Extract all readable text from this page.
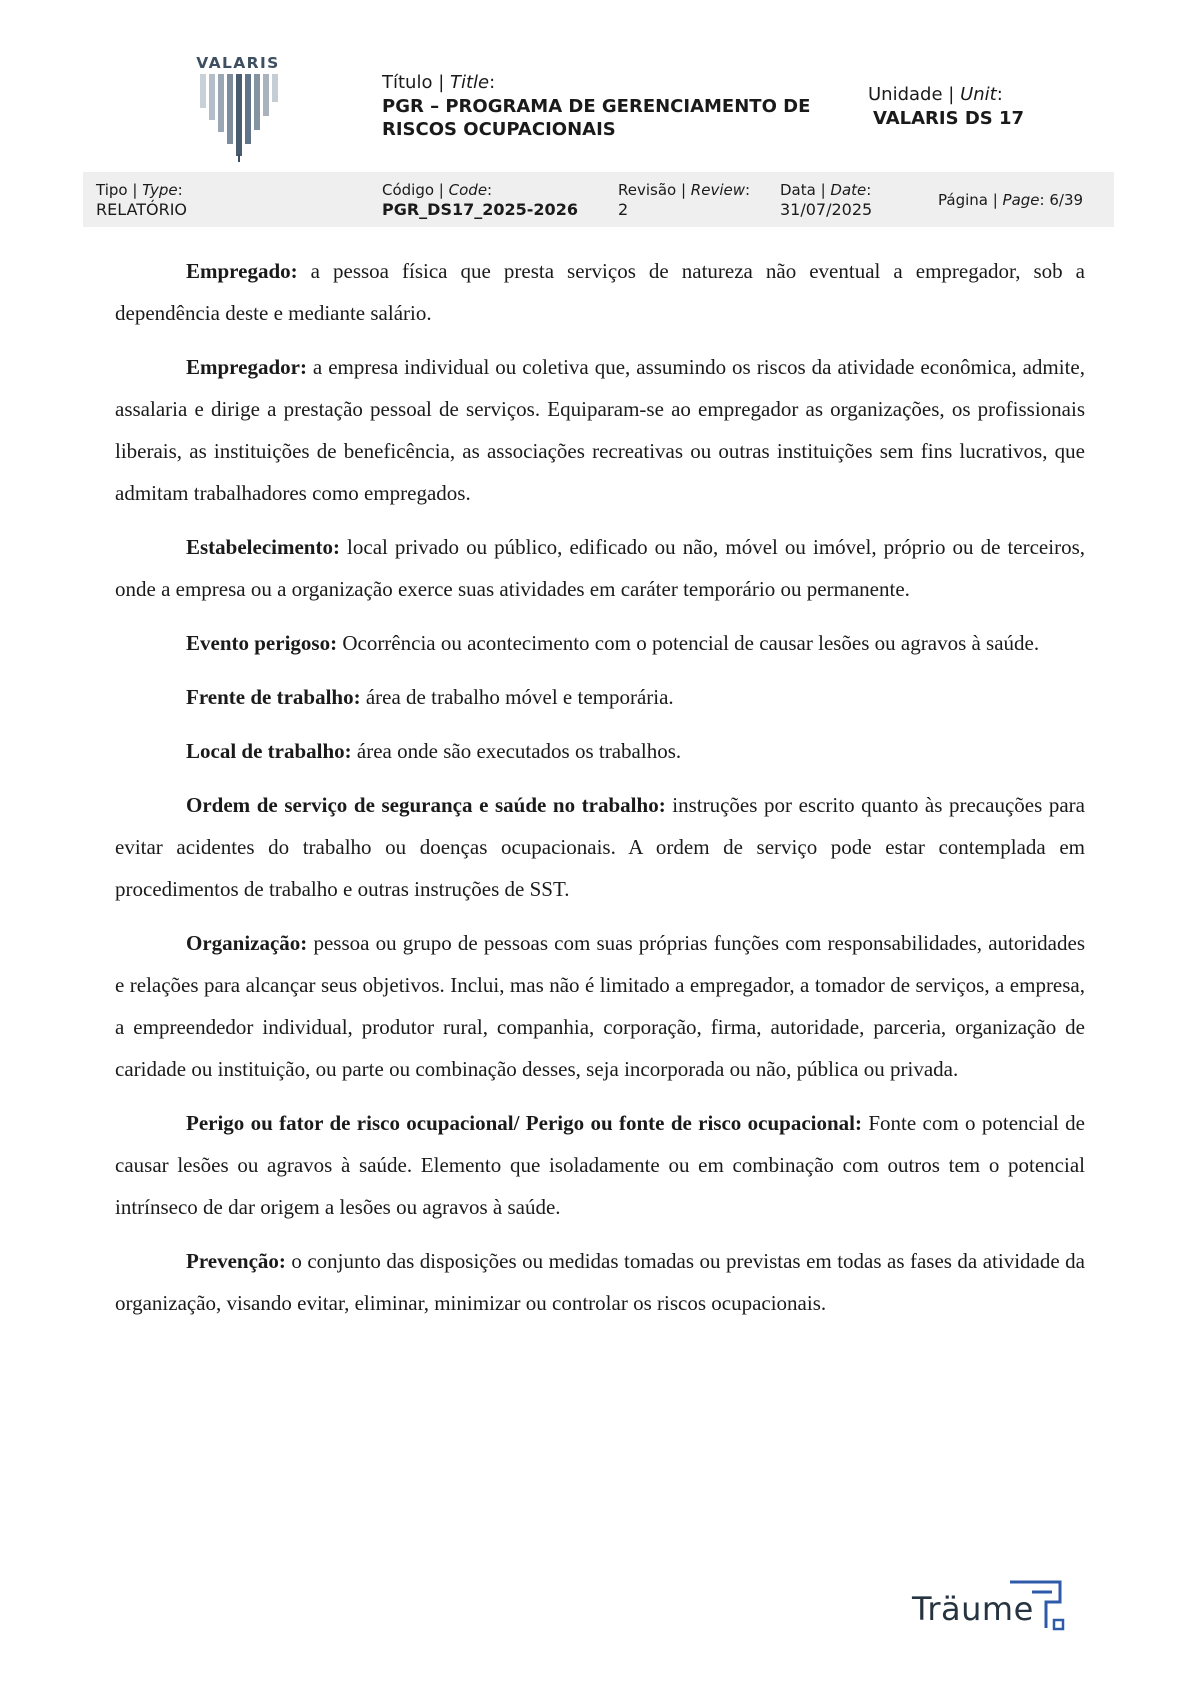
VALARIS
Título | Title:
PGR – PROGRAMA DE GERENCIAMENTO DE RISCOS OCUPACIONAIS
Unidade | Unit:
VALARIS DS 17
Tipo | Type:
RELATÓRIO
Código | Code:
PGR_DS17_2025-2026
Revisão | Review:
2
Data | Date:
31/07/2025	Página | Page: 6/39

Empregado: a pessoa física que presta serviços de natureza não eventual a empregador, sob a dependência deste e mediante salário.

Empregador: a empresa individual ou coletiva que, assumindo os riscos da atividade econômica, admite, assalaria e dirige a prestação pessoal de serviços. Equiparam-se ao empregador as organizações, os profissionais liberais, as instituições de beneficência, as associações recreativas ou outras instituições sem fins lucrativos, que admitam trabalhadores como empregados.

Estabelecimento: local privado ou público, edificado ou não, móvel ou imóvel, próprio ou de terceiros, onde a empresa ou a organização exerce suas atividades em caráter temporário ou permanente.

Evento perigoso: Ocorrência ou acontecimento com o potencial de causar lesões ou agravos à saúde.

Frente de trabalho: área de trabalho móvel e temporária.

Local de trabalho: área onde são executados os trabalhos.

Ordem de serviço de segurança e saúde no trabalho: instruções por escrito quanto às precauções para evitar acidentes do trabalho ou doenças ocupacionais. A ordem de serviço pode estar contemplada em procedimentos de trabalho e outras instruções de SST.

Organização: pessoa ou grupo de pessoas com suas próprias funções com responsabilidades, autoridades e relações para alcançar seus objetivos. Inclui, mas não é limitado a empregador, a tomador de serviços, a empresa, a empreendedor individual, produtor rural, companhia, corporação, firma, autoridade, parceria, organização de caridade ou instituição, ou parte ou combinação desses, seja incorporada ou não, pública ou privada.

Perigo ou fator de risco ocupacional/ Perigo ou fonte de risco ocupacional: Fonte com o potencial de causar lesões ou agravos à saúde. Elemento que isoladamente ou em combinação com outros tem o potencial intrínseco de dar origem a lesões ou agravos à saúde.

Prevenção: o conjunto das disposições ou medidas tomadas ou previstas em todas as fases da atividade da organização, visando evitar, eliminar, minimizar ou controlar os riscos ocupacionais.

Träume
